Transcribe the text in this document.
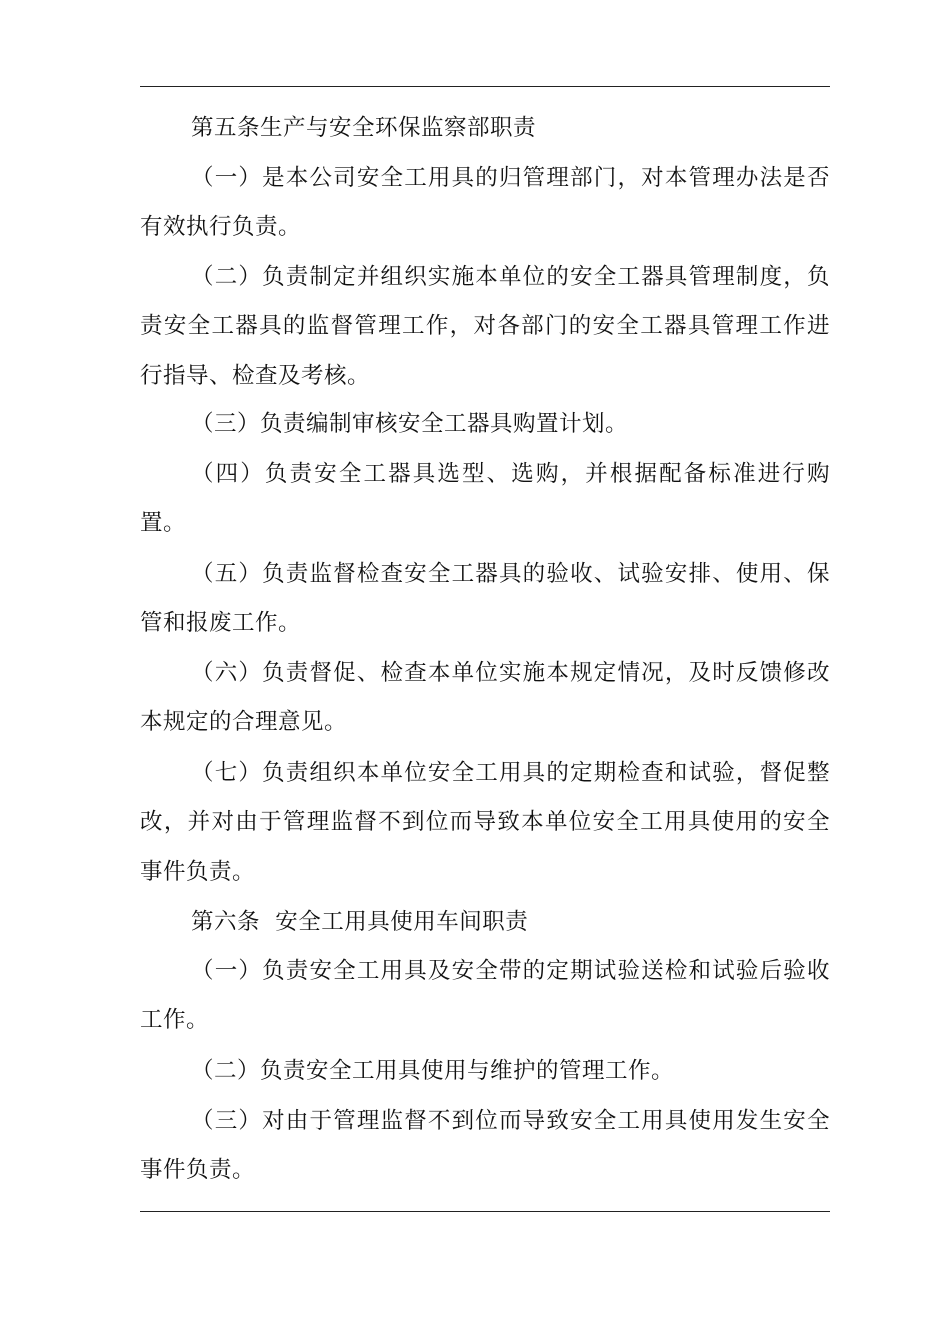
第五条生产与安全环保监察部职责
（一）是本公司安全工用具的归管理部门，对本管理办法是否
有效执行负责。
（二）负责制定并组织实施本单位的安全工器具管理制度，负
责安全工器具的监督管理工作，对各部门的安全工器具管理工作进
行指导、检查及考核。
（三）负责编制审核安全工器具购置计划。
（四）负责安全工器具选型、选购，并根据配备标准进行购
置。
（五）负责监督检查安全工器具的验收、试验安排、使用、保
管和报废工作。
（六）负责督促、检查本单位实施本规定情况，及时反馈修改
本规定的合理意见。
（七）负责组织本单位安全工用具的定期检查和试验，督促整
改，并对由于管理监督不到位而导致本单位安全工用具使用的安全
事件负责。
第六条  安全工用具使用车间职责
（一）负责安全工用具及安全带的定期试验送检和试验后验收
工作。
（二）负责安全工用具使用与维护的管理工作。
（三）对由于管理监督不到位而导致安全工用具使用发生安全
事件负责。
